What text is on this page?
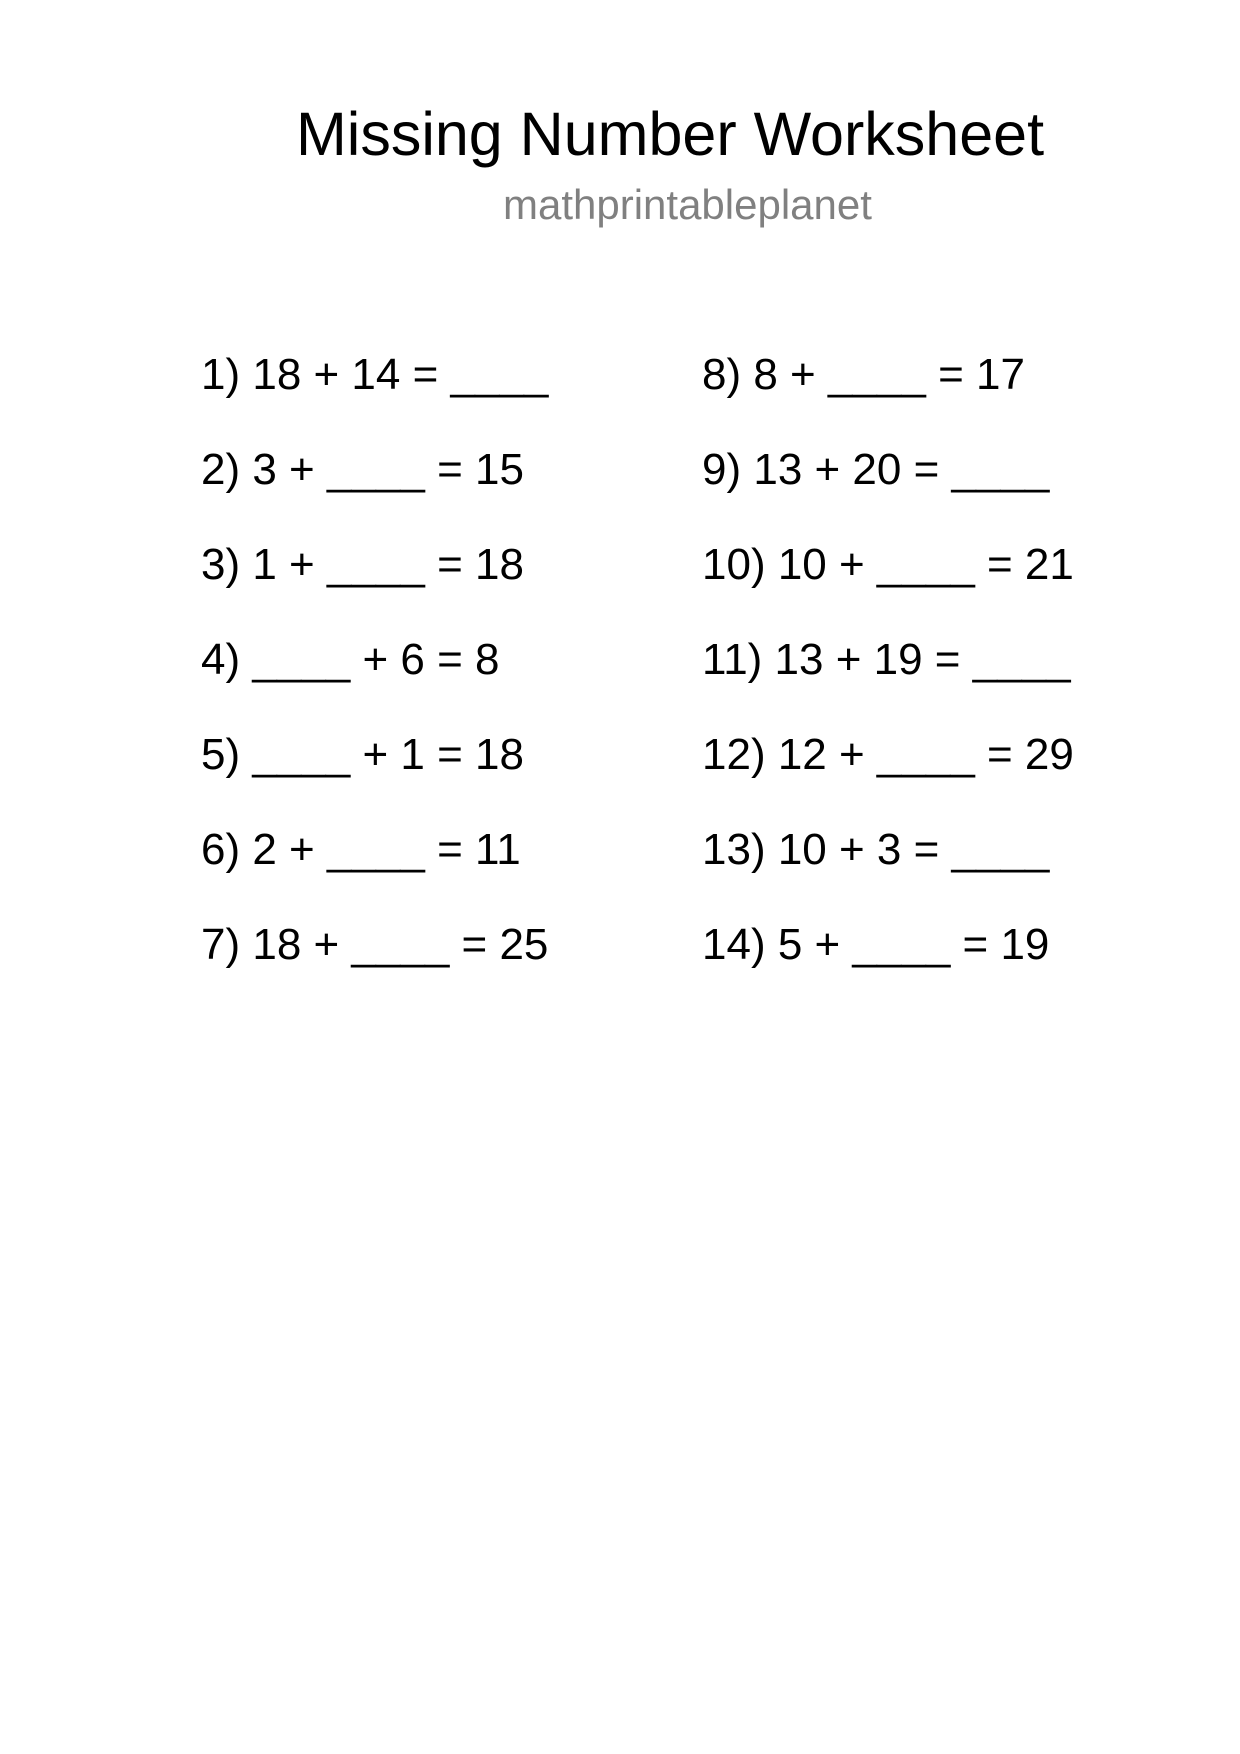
Missing Number Worksheet
mathprintableplanet
1) 18 + 14 = ____
2) 3 + ____ = 15
3) 1 + ____ = 18
4) ____ + 6 = 8
5) ____ + 1 = 18
6) 2 + ____ = 11
7) 18 + ____ = 25
8) 8 + ____ = 17
9) 13 + 20 = ____
10) 10 + ____ = 21
11) 13 + 19 = ____
12) 12 + ____ = 29
13) 10 + 3 = ____
14) 5 + ____ = 19
